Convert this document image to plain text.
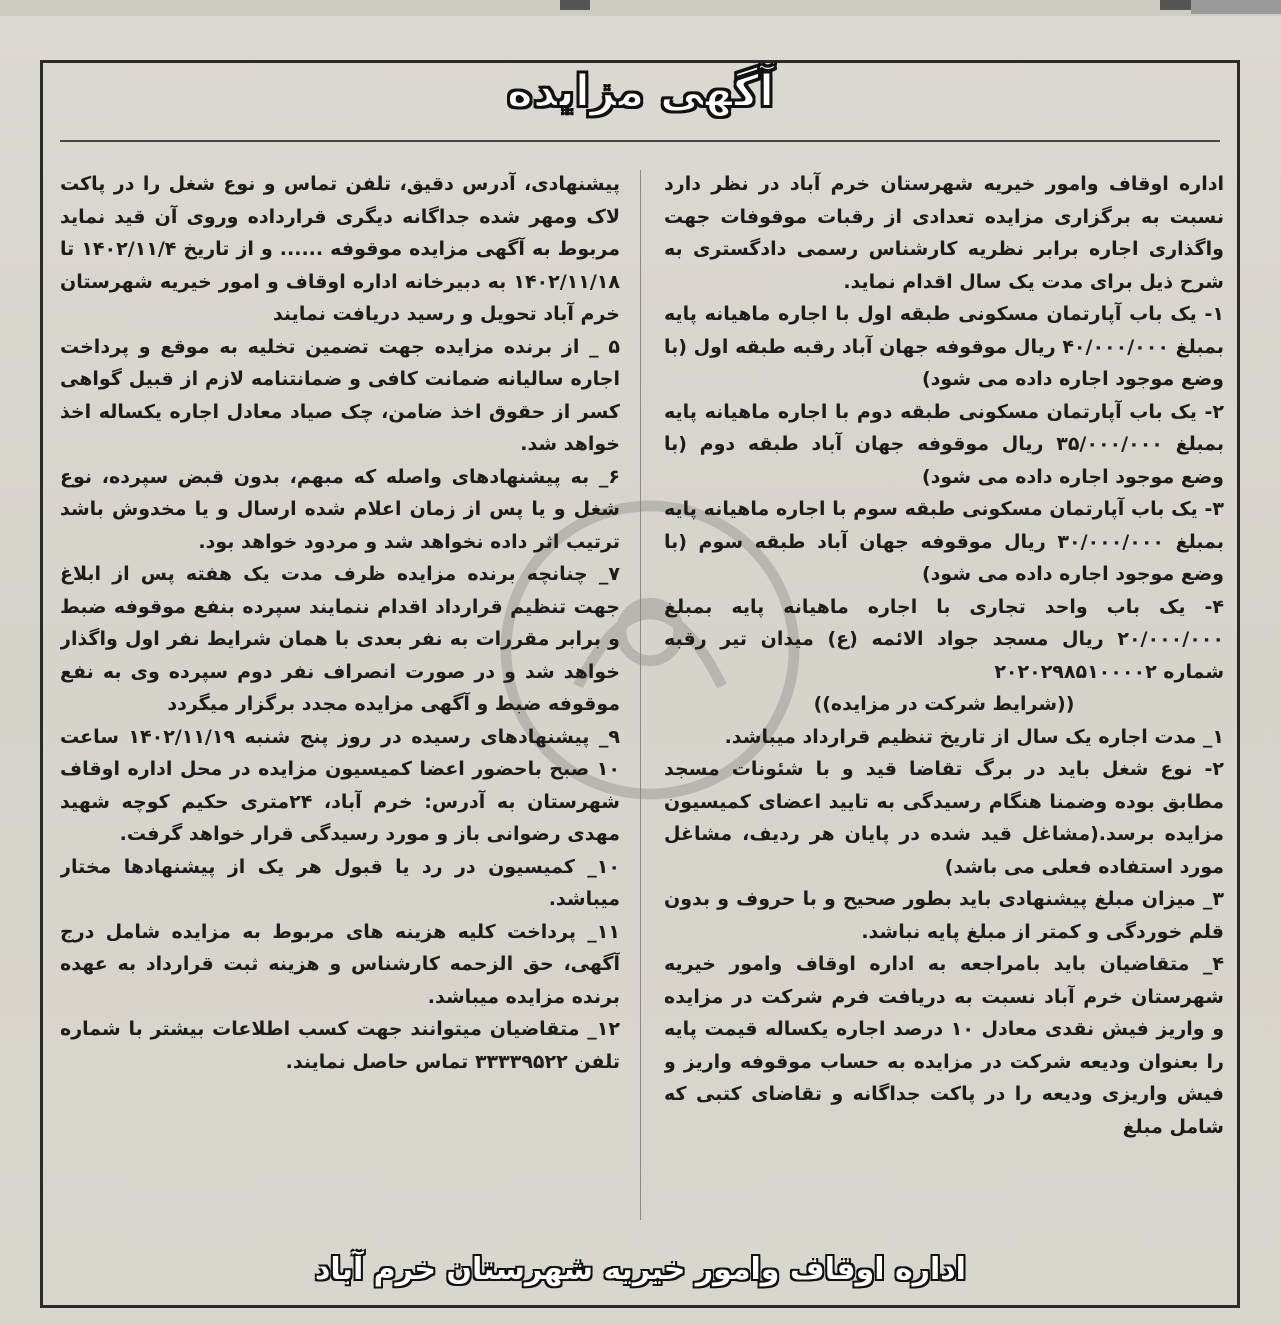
آگهی مزایده

اداره اوقاف وامور خیریه شهرستان خرم آباد در نظر دارد نسبت به برگزاری مزایده تعدادی از رقبات موقوفات جهت واگذاری اجاره برابر نظریه کارشناس رسمی دادگستری به شرح ذیل برای مدت یک سال اقدام نماید.

۱- یک باب آپارتمان مسکونی طبقه اول با اجاره ماهیانه پایه بمبلغ ۴۰/۰۰۰/۰۰۰ ریال موقوفه جهان آباد رقبه طبقه اول (با وضع موجود اجاره داده می شود)

۲- یک باب آپارتمان مسکونی طبقه دوم با اجاره ماهیانه پایه بمبلغ ۳۵/۰۰۰/۰۰۰ ریال موقوفه جهان آباد طبقه دوم (با وضع موجود اجاره داده می شود)

۳- یک باب آپارتمان مسکونی طبقه سوم با اجاره ماهیانه پایه بمبلغ ۳۰/۰۰۰/۰۰۰ ریال موقوفه جهان آباد طبقه سوم (با وضع موجود اجاره داده می شود)

۴- یک باب واحد تجاری با اجاره ماهیانه پایه بمبلغ ۲۰/۰۰۰/۰۰۰ ریال مسجد جواد الائمه (ع) میدان تیر رقبه شماره ۲۰۲۰۲۹۸۵۱۰۰۰۰۲

((شرایط شرکت در مزایده))

۱_ مدت اجاره یک سال از تاریخ تنظیم قرارداد میباشد.

۲- نوع شغل باید در برگ تقاضا قید و با شئونات مسجد مطابق بوده وضمنا هنگام رسیدگی به تایید اعضای کمیسیون مزایده برسد.(مشاغل قید شده در پایان هر ردیف، مشاغل مورد استفاده فعلی می باشد)

۳_ میزان مبلغ پیشنهادی باید بطور صحیح و با حروف و بدون قلم خوردگی و کمتر از مبلغ پایه نباشد.

۴_ متقاضیان باید بامراجعه به اداره اوقاف وامور خیریه شهرستان خرم آباد نسبت به دریافت فرم شرکت در مزایده و واریز فیش نقدی معادل ۱۰ درصد اجاره یکساله قیمت پایه را بعنوان ودیعه شرکت در مزایده به حساب موقوفه واریز و فیش واریزی ودیعه را در پاکت جداگانه و تقاضای کتبی که شامل مبلغ

پیشنهادی، آدرس دقیق، تلفن تماس و نوع شغل را در پاکت لاک ومهر شده جداگانه دیگری قرارداده وروی آن قید نماید مربوط به آگهی مزایده موقوفه ...... و از تاریخ ۱۴۰۲/۱۱/۴ تا ۱۴۰۲/۱۱/۱۸ به دبیرخانه اداره اوقاف و امور خیریه شهرستان خرم آباد تحویل و رسید دریافت نمایند

۵ _ از برنده مزایده جهت تضمین تخلیه به موقع و پرداخت اجاره سالیانه ضمانت کافی و ضمانتنامه لازم از قبیل گواهی کسر از حقوق اخذ ضامن، چک صیاد معادل اجاره یکساله اخذ خواهد شد.

۶_ به پیشنهادهای واصله که مبهم، بدون قبض سپرده، نوع شغل و یا پس از زمان اعلام شده ارسال و یا مخدوش باشد ترتیب اثر داده نخواهد شد و مردود خواهد بود.

۷_ چنانچه برنده مزایده ظرف مدت یک هفته پس از ابلاغ جهت تنظیم قرارداد اقدام ننمایند سپرده بنفع موقوفه ضبط و برابر مقررات به نفر بعدی با همان شرایط نفر اول واگذار خواهد شد و در صورت انصراف نفر دوم سپرده وی به نفع موقوفه ضبط و آگهی مزایده مجدد برگزار میگردد

۹_ پیشنهادهای رسیده در روز پنج شنبه ۱۴۰۲/۱۱/۱۹ ساعت ۱۰ صبح باحضور اعضا کمیسیون مزایده در محل اداره اوقاف شهرستان به آدرس: خرم آباد، ۲۴متری حکیم کوچه شهید مهدی رضوانی باز و مورد رسیدگی قرار خواهد گرفت.

۱۰_ کمیسیون در رد یا قبول هر یک از پیشنهادها مختار میباشد.

۱۱_ پرداخت کلیه هزینه های مربوط به مزایده شامل درج آگهی، حق الزحمه کارشناس و هزینه ثبت قرارداد به عهده برنده مزایده میباشد.

۱۲_ متقاضیان میتوانند جهت کسب اطلاعات بیشتر با شماره تلفن ۳۳۳۳۹۵۲۲ تماس حاصل نمایند.

اداره اوقاف وامور خیریه شهرستان خرم آباد
